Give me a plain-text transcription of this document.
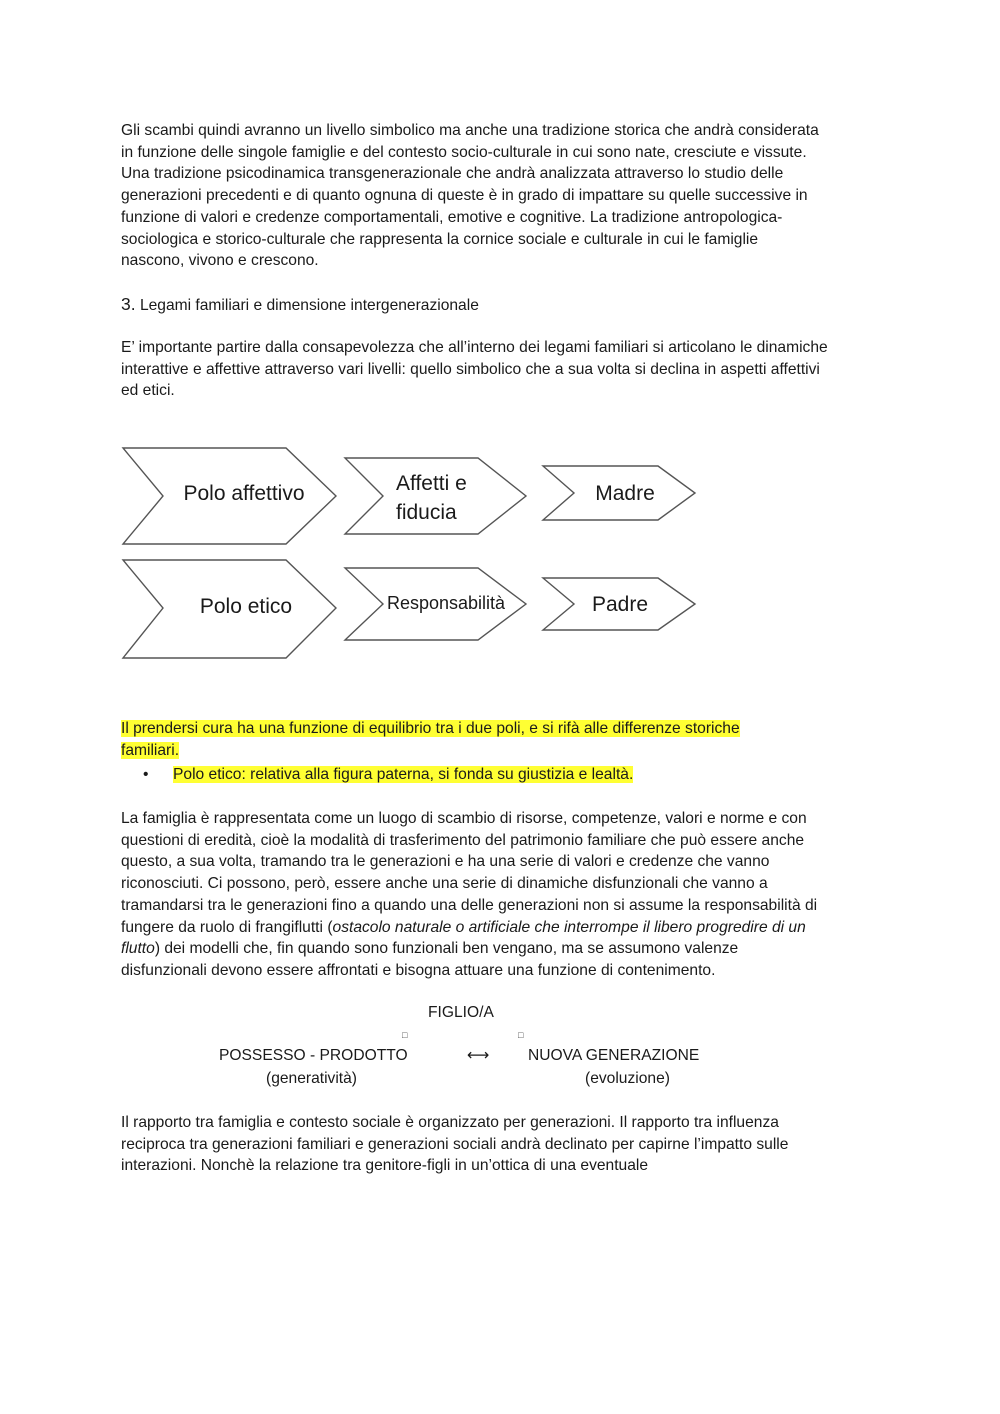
Gli scambi quindi avranno un livello simbolico ma anche una tradizione storica che andrà considerata
in funzione delle singole famiglie e del contesto socio-culturale in cui sono nate, cresciute e vissute.
Una tradizione psicodinamica transgenerazionale che andrà analizzata attraverso lo studio delle
generazioni precedenti e di quanto ognuna di queste è in grado di impattare su quelle successive in
funzione di valori e credenze comportamentali, emotive e cognitive. La tradizione antropologica-
sociologica e storico-culturale che rappresenta la cornice sociale e culturale in cui le famiglie
nascono, vivono e crescono.
3. Legami familiari e dimensione intergenerazionale
E’ importante partire dalla consapevolezza che all’interno dei legami familiari si articolano le dinamiche
interattive e affettive attraverso vari livelli: quello simbolico che a sua volta si declina in aspetti affettivi
ed etici.
Polo affettivo	Affetti e
fiducia
Madre
Polo etico	Responsabilità	Padre
Il prendersi cura ha una funzione di equilibrio tra i due poli, e si rifà alle differenze storiche
familiari.
• Polo etico: relativa alla figura paterna, si fonda su giustizia e lealtà.
La famiglia è rappresentata come un luogo di scambio di risorse, competenze, valori e norme e con
questioni di eredità, cioè la modalità di trasferimento del patrimonio familiare che può essere anche
questo, a sua volta, tramando tra le generazioni e ha una serie di valori e credenze che vanno
riconosciuti. Ci possono, però, essere anche una serie di dinamiche disfunzionali che vanno a
tramandarsi tra le generazioni fino a quando una delle generazioni non si assume la responsabilità di
fungere da ruolo di frangiflutti (ostacolo naturale o artificiale che interrompe il libero progredire di un
flutto) dei modelli che, fin quando sono funzionali ben vengano, ma se assumono valenze
disfunzionali devono essere affrontati e bisogna attuare una funzione di contenimento.
FIGLIO/A
□	□
POSSESSO - PRODOTTO	⟷ NUOVA GENERAZIONE
(generatività)	(evoluzione)
Il rapporto tra famiglia e contesto sociale è organizzato per generazioni. Il rapporto tra influenza
reciproca tra generazioni familiari e generazioni sociali andrà declinato per capirne l’impatto sulle
interazioni. Nonchè la relazione tra genitore-figli in un’ottica di una eventuale
